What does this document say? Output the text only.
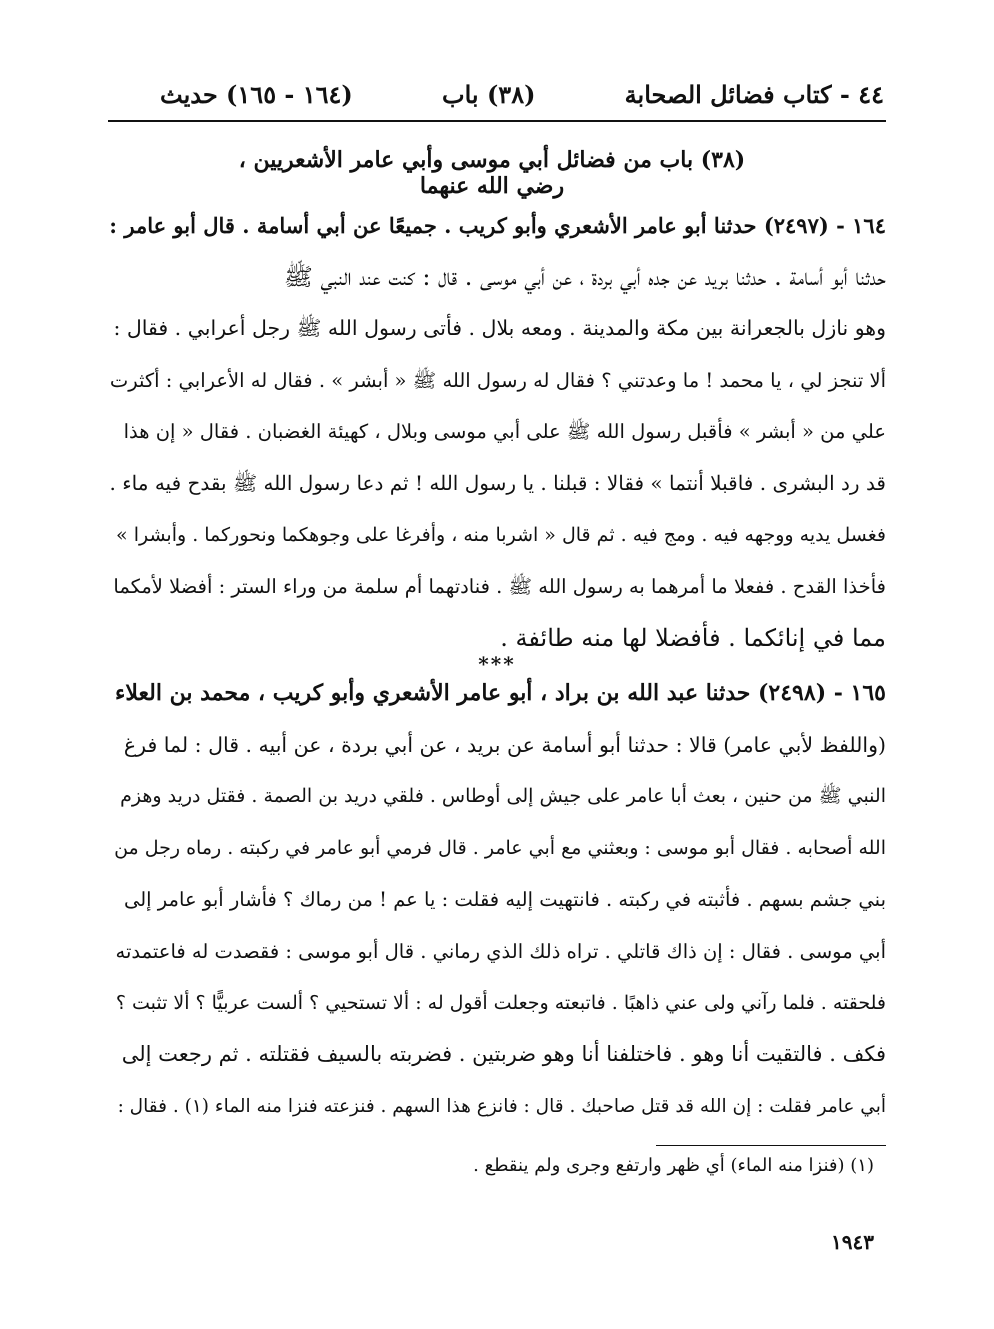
٤٤ - كتاب فضائل الصحابة
(٣٨) باب
(١٦٤ - ١٦٥) حديث
(٣٨) باب من فضائل أبي موسى وأبي عامر الأشعريين ، رضي الله عنهما
١٦٤ - (٢٤٩٧) حدثنا أبو عامر الأشعري وأبو كريب . جميعًا عن أبي أسامة . قال أبو عامر :
حدثنا أبو أسامة . حدثنا بريد عن جده أبي بردة ، عن أبي موسى . قال : كنت عند النبي ﷺ
وهو نازل بالجعرانة بين مكة والمدينة . ومعه بلال . فأتى رسول الله ﷺ رجل أعرابي . فقال :
ألا تنجز لي ، يا محمد ! ما وعدتني ؟ فقال له رسول الله ﷺ « أبشر » . فقال له الأعرابي : أكثرت
علي من « أبشر » فأقبل رسول الله ﷺ على أبي موسى وبلال ، كهيئة الغضبان . فقال « إن هذا
قد رد البشرى . فاقبلا أنتما » فقالا : قبلنا . يا رسول الله ! ثم دعا رسول الله ﷺ بقدح فيه ماء .
فغسل يديه ووجهه فيه . ومج فيه . ثم قال « اشربا منه ، وأفرغا على وجوهكما ونحوركما . وأبشرا »
فأخذا القدح . ففعلا ما أمرهما به رسول الله ﷺ . فنادتهما أم سلمة من وراء الستر : أفضلا لأمكما
مما في إنائكما . فأفضلا لها منه طائفة .
***
١٦٥ - (٢٤٩٨) حدثنا عبد الله بن براد ، أبو عامر الأشعري وأبو كريب ، محمد بن العلاء
(واللفظ لأبي عامر) قالا : حدثنا أبو أسامة عن بريد ، عن أبي بردة ، عن أبيه . قال : لما فرغ
النبي ﷺ من حنين ، بعث أبا عامر على جيش إلى أوطاس . فلقي دريد بن الصمة . فقتل دريد وهزم
الله أصحابه . فقال أبو موسى : وبعثني مع أبي عامر . قال فرمي أبو عامر في ركبته . رماه رجل من
بني جشم بسهم . فأثبته في ركبته . فانتهيت إليه فقلت : يا عم ! من رماك ؟ فأشار أبو عامر إلى
أبي موسى . فقال : إن ذاك قاتلي . تراه ذلك الذي رماني . قال أبو موسى : فقصدت له فاعتمدته
فلحقته . فلما رآني ولى عني ذاهبًا . فاتبعته وجعلت أقول له : ألا تستحيي ؟ ألست عربيًّا ؟ ألا تثبت ؟
فكف . فالتقيت أنا وهو . فاختلفنا أنا وهو ضربتين . فضربته بالسيف فقتلته . ثم رجعت إلى
أبي عامر فقلت : إن الله قد قتل صاحبك . قال : فانزع هذا السهم . فنزعته فنزا منه الماء (١) . فقال :
(١) (فنزا منه الماء) أي ظهر وارتفع وجرى ولم ينقطع .
١٩٤٣
